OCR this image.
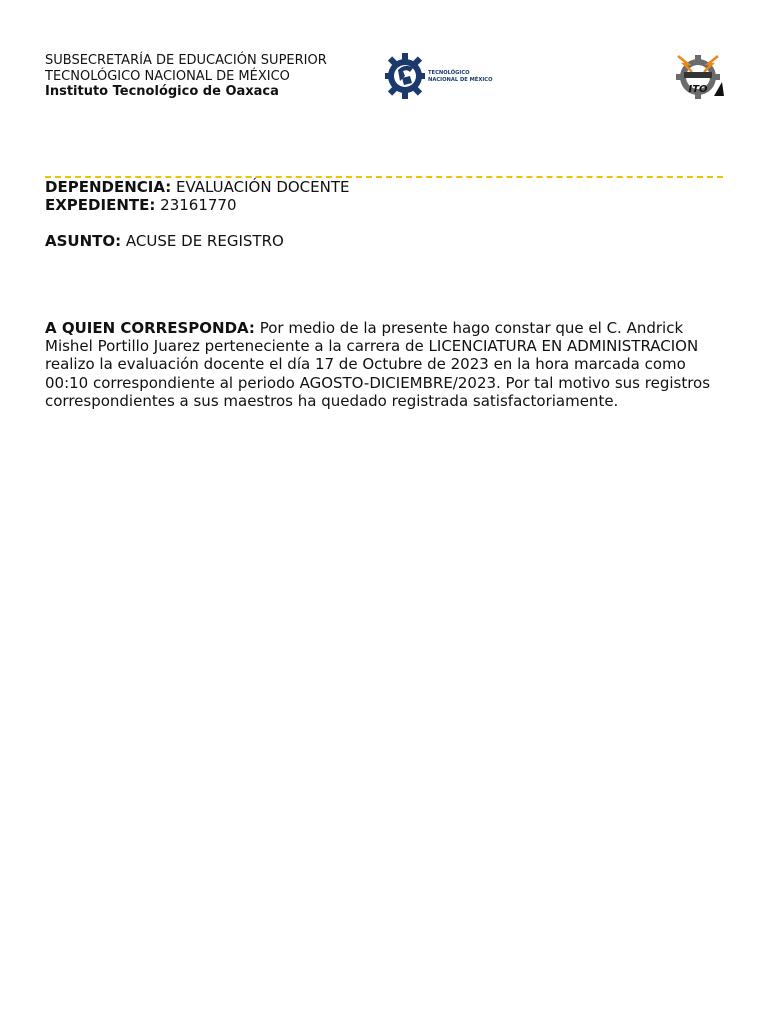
SUBSECRETARÍA DE EDUCACIÓN SUPERIOR
TECNOLÓGICO NACIONAL DE MÉXICO
Instituto Tecnológico de Oaxaca
TECNOLÓGICO
NACIONAL DE MÉXICO
ITO
DEPENDENCIA: EVALUACIÓN DOCENTE
EXPEDIENTE: 23161770
ASUNTO: ACUSE DE REGISTRO
A QUIEN CORRESPONDA: Por medio de la presente hago constar que el C. Andrick Mishel Portillo Juarez perteneciente a la carrera de LICENCIATURA EN ADMINISTRACION realizo la evaluación docente el día 17 de Octubre de 2023 en la hora marcada como 00:10 correspondiente al periodo AGOSTO-DICIEMBRE/2023. Por tal motivo sus registros correspondientes a sus maestros ha quedado registrada satisfactoriamente.
